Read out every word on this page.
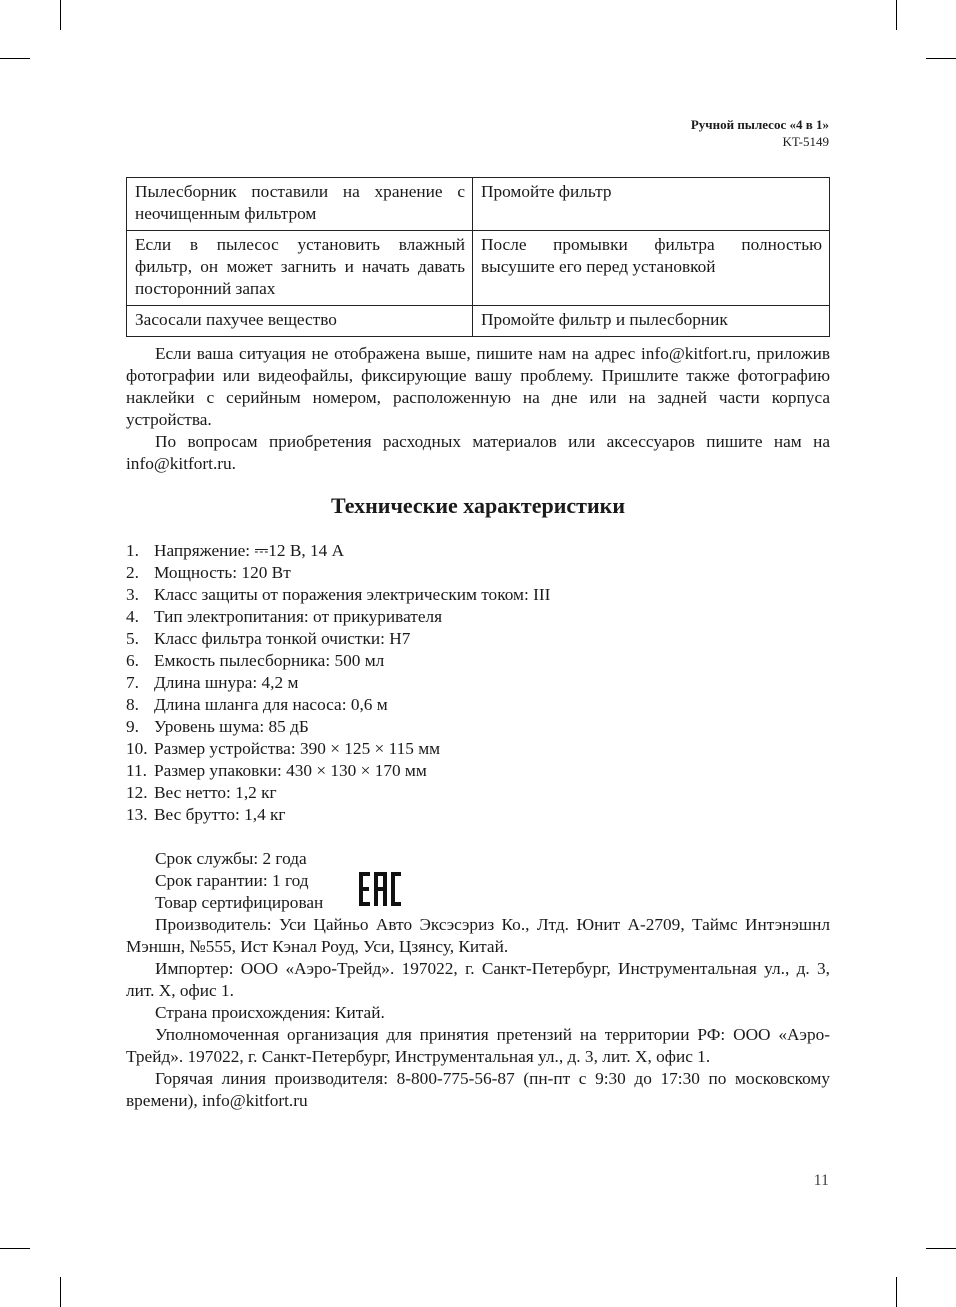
Ручной пылесос «4 в 1»
KT-5149
Пылесборник поставили на хранение с неочищенным фильтром	Промойте фильтр
Если в пылесос установить влажный фильтр, он может загнить и начать давать посторонний запах	После промывки фильтра полностью высушите его перед установкой
Засосали пахучее вещество	Промойте фильтр и пылесборник

Если ваша ситуация не отображена выше, пишите нам на адрес info@kitfort.ru, приложив фотографии или видеофайлы, фиксирующие вашу проблему. Пришлите также фотографию наклейки с серийным номером, расположенную на дне или на задней части корпуса устройства.

По вопросам приобретения расходных материалов или аксессуаров пишите нам на info@kitfort.ru.

Технические характеристики
1. Напряжение: ⎓12 В, 14 А
2. Мощность: 120 Вт
3. Класс защиты от поражения электрическим током: III
4. Тип электропитания: от прикуривателя
5. Класс фильтра тонкой очистки: H7
6. Емкость пылесборника: 500 мл
7. Длина шнура: 4,2 м
8. Длина шланга для насоса: 0,6 м
9. Уровень шума: 85 дБ
10. Размер устройства: 390 × 125 × 115 мм
11. Размер упаковки: 430 × 130 × 170 мм
12. Вес нетто: 1,2 кг
13. Вес брутто: 1,4 кг
Срок службы: 2 года
Срок гарантии: 1 год
Товар сертифицирован

Производитель: Уси Цайньо Авто Эксэсэриз Ко., Лтд. Юнит А-2709, Таймс Интэнэшнл Мэншн, №555, Ист Кэнал Роуд, Уси, Цзянсу, Китай.

Импортер: ООО «Аэро-Трейд». 197022, г. Санкт-Петербург, Инструментальная ул., д. 3, лит. Х, офис 1.

Страна происхождения: Китай.

Уполномоченная организация для принятия претензий на территории РФ: ООО «Аэро-Трейд». 197022, г. Санкт-Петербург, Инструментальная ул., д. 3, лит. Х, офис 1.

Горячая линия производителя: 8-800-775-56-87 (пн-пт с 9:30 до 17:30 по московскому времени), info@kitfort.ru

11
